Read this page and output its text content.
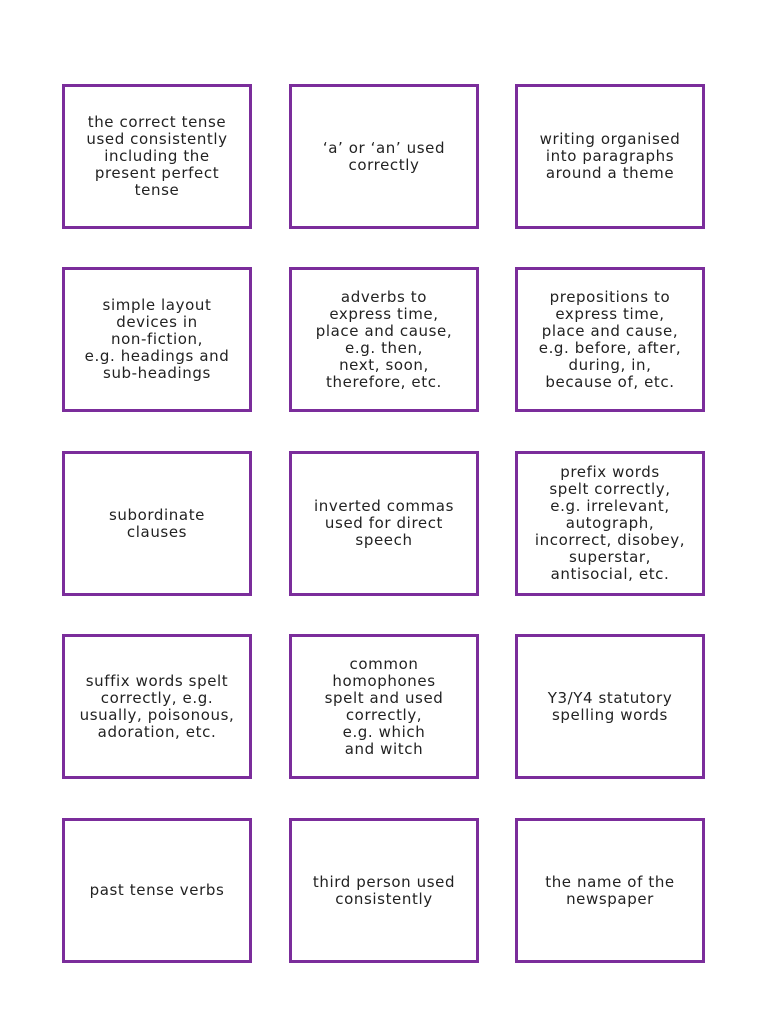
the correct tense
used consistently
including the
present perfect
tense
‘a’ or ‘an’ used
correctly
writing organised
into paragraphs
around a theme
simple layout
devices in
non-fiction,
e.g. headings and
sub-headings
adverbs to
express time,
place and cause,
e.g. then,
next, soon,
therefore, etc.
prepositions to
express time,
place and cause,
e.g. before, after,
during, in,
because of, etc.
subordinate
clauses
inverted commas
used for direct
speech
prefix words
spelt correctly,
e.g. irrelevant,
autograph,
incorrect, disobey,
superstar,
antisocial, etc.
suffix words spelt
correctly, e.g.
usually, poisonous,
adoration, etc.
common
homophones
spelt and used
correctly,
e.g. which
and witch
Y3/Y4 statutory
spelling words
past tense verbs	third person used
consistently
the name of the
newspaper
